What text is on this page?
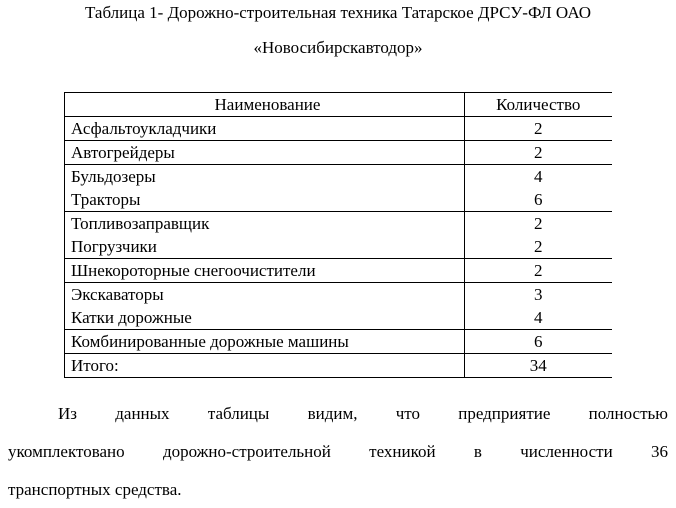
Таблица 1- Дорожно-строительная техника Татарское ДРСУ-ФЛ ОАО
«Новосибирскавтодор»
Наименование	Количество
Асфальтоукладчики	2
Автогрейдеры	2
Бульдозеры	4
Тракторы	6
Топливозаправщик	2
Погрузчики	2
Шнекороторные снегоочистители	2
Экскаваторы	3
Катки дорожные	4
Комбинированные дорожные машины	6
Итого:	34
Из данных таблицы видим, что предприятие полностью
укомплектовано дорожно-строительной техникой в численности 36
транспортных средства.
